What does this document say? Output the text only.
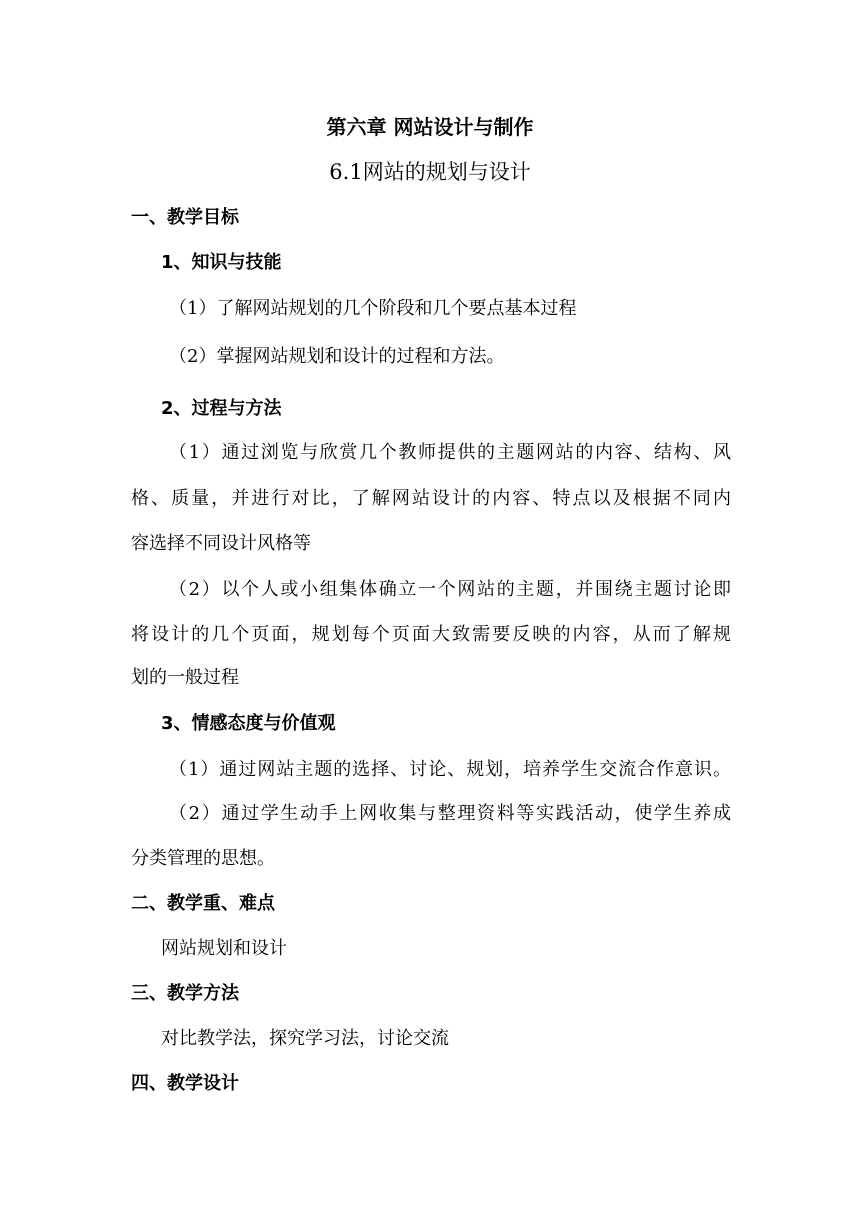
第六章 网站设计与制作
6.1网站的规划与设计
一、教学目标
1、知识与技能
（1）了解网站规划的几个阶段和几个要点基本过程
（2）掌握网站规划和设计的过程和方法。
2、过程与方法
（1）通过浏览与欣赏几个教师提供的主题网站的内容、结构、风
格、质量，并进行对比，了解网站设计的内容、特点以及根据不同内
容选择不同设计风格等
（2）以个人或小组集体确立一个网站的主题，并围绕主题讨论即
将设计的几个页面，规划每个页面大致需要反映的内容，从而了解规
划的一般过程
3、情感态度与价值观
（1）通过网站主题的选择、讨论、规划，培养学生交流合作意识。
（2）通过学生动手上网收集与整理资料等实践活动，使学生养成
分类管理的思想。
二、教学重、难点
网站规划和设计
三、教学方法
对比教学法，探究学习法，讨论交流
四、教学设计
